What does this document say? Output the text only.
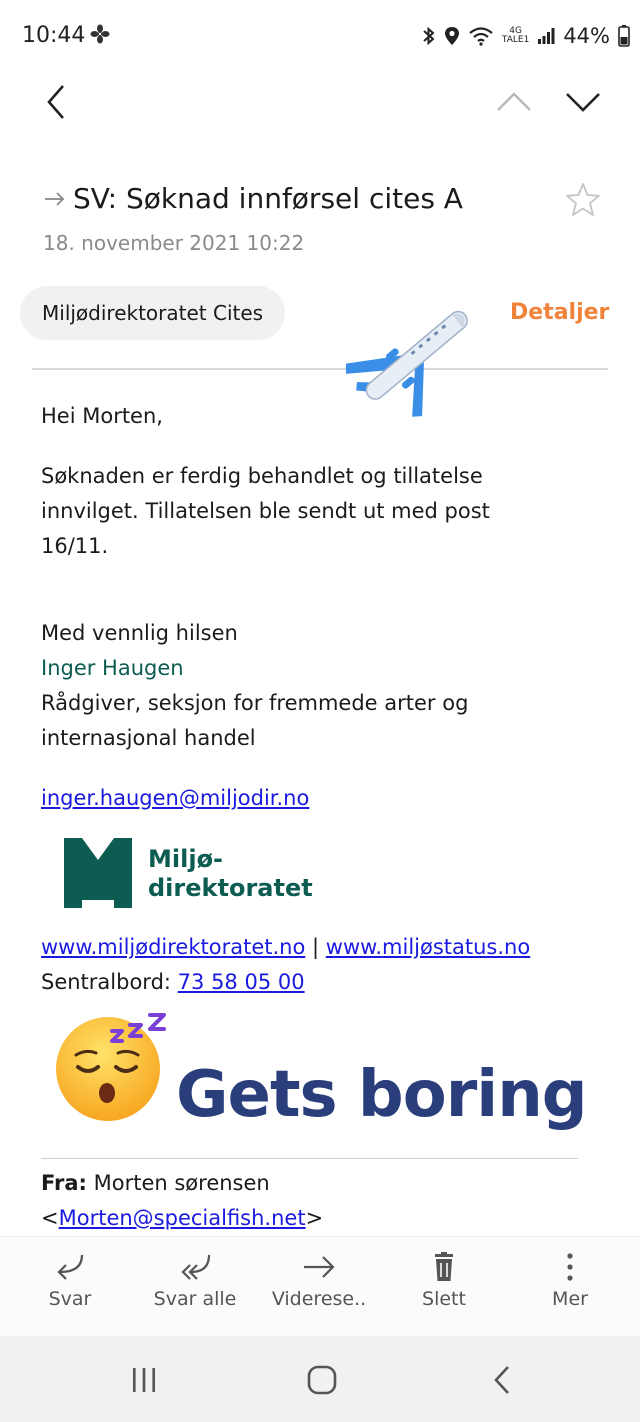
10:44	4G
TALE1 44%
SV: Søknad innførsel cites A
18. november 2021 10:22
Miljødirektoratet Cites	Detaljer
Hei Morten,
Søknaden er ferdig behandlet og tillatelse
innvilget. Tillatelsen ble sendt ut med post
16/11.
Med vennlig hilsen
Inger Haugen
Rådgiver, seksjon for fremmede arter og
internasjonal handel
inger.haugen@miljodir.no
Miljø-
direktoratet
www.miljødirektoratet.no | www.miljøstatus.no
Sentralbord: 73 58 05 00
Gets boring
Fra: Morten sørensen
<Morten@specialfish.net>
Svar	Svar alle	Viderese..	Slett	Mer
